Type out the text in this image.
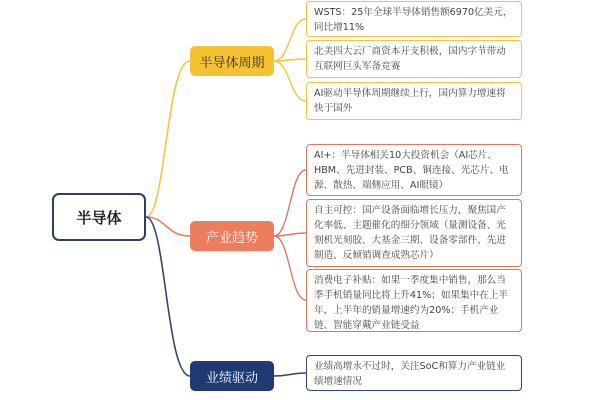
半导体
半导体周期
产业趋势
业绩驱动
WSTS：25年全球半导体销售额6970亿美元，同比增11%
北美四大云厂商资本开支积极，国内字节带动互联网巨头军备竞赛
AI驱动半导体周期继续上行，国内算力增速将快于国外
AI+：半导体相关10大投资机会（AI芯片、HBM、先进封装、PCB、铜连接、光芯片、电源、散热、端侧应用、AI眼镜）
自主可控：国产设备面临增长压力，聚焦国产化率低、主题催化的细分领域（量测设备、光刻机光刻胶、大基金三期、设备零部件、先进制造、反倾销调查成熟芯片）
消费电子补贴：如果一季度集中销售，那么当季手机销量同比将上升41%；如果集中在上半年，上半年的销量增速约为20%；手机产业链、智能穿戴产业链受益
业绩高增永不过时，关注SoC和算力产业链业绩增速情况
